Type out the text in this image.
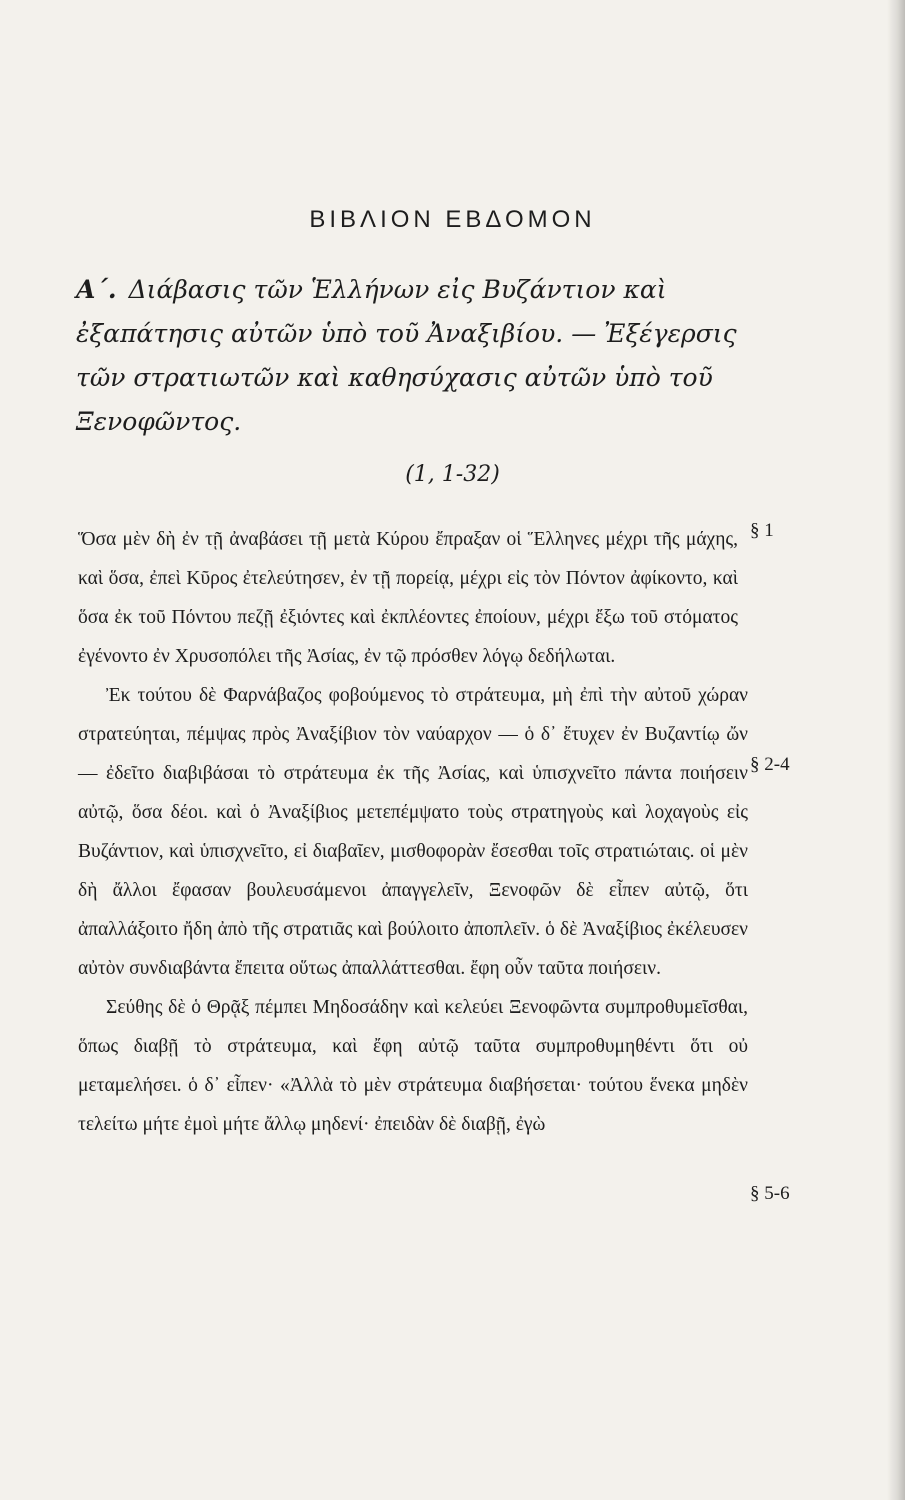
ΒΙΒΛΙΟΝ ΕΒΔΟΜΟΝ
Α΄. Διάβασις τῶν Ἑλλήνων εἰς Βυζάντιον καὶ ἐξαπάτησις αὐτῶν ὑπὸ τοῦ Ἀναξιβίου. — Ἐξέγερσις τῶν στρατιωτῶν καὶ καθησύχασις αὐτῶν ὑπὸ τοῦ Ξενοφῶντος.
(1, 1-32)
§ 1
§ 2-4
§ 5-6

Ὅσα μὲν δὴ ἐν τῇ ἀναβάσει τῇ μετὰ Κύρου ἔπραξαν οἱ Ἕλληνες μέχρι τῆς μάχης, καὶ ὅσα, ἐπεὶ Κῦρος ἐτελεύτησεν, ἐν τῇ πορείᾳ, μέχρι εἰς τὸν Πόντον ἀφίκοντο, καὶ ὅσα ἐκ τοῦ Πόντου πεζῇ ἐξιόντες καὶ ἐκπλέοντες ἐποίουν, μέχρι ἔξω τοῦ στόματος ἐγένοντο ἐν Χρυσοπόλει τῆς Ἀσίας, ἐν τῷ πρόσθεν λόγῳ δεδήλωται.

Ἐκ τούτου δὲ Φαρνάβαζος φοβούμενος τὸ στράτευμα, μὴ ἐπὶ τὴν αὐτοῦ χώραν στρατεύηται, πέμψας πρὸς Ἀναξίβιον τὸν ναύαρχον — ὁ δ᾿ ἔτυχεν ἐν Βυζαντίῳ ὤν — ἐδεῖτο διαβιβάσαι τὸ στράτευμα ἐκ τῆς Ἀσίας, καὶ ὑπισχνεῖτο πάντα ποιήσειν αὐτῷ, ὅσα δέοι. καὶ ὁ Ἀναξίβιος μετεπέμψατο τοὺς στρατηγοὺς καὶ λοχαγοὺς εἰς Βυζάντιον, καὶ ὑπισχνεῖτο, εἰ διαβαῖεν, μισθοφορὰν ἔσεσθαι τοῖς στρατιώταις. οἱ μὲν δὴ ἄλλοι ἔφασαν βουλευσάμενοι ἀπαγγελεῖν, Ξενοφῶν δὲ εἶπεν αὐτῷ, ὅτι ἀπαλλάξοιτο ἤδη ἀπὸ τῆς στρατιᾶς καὶ βούλοιτο ἀποπλεῖν. ὁ δὲ Ἀναξίβιος ἐκέλευσεν αὐτὸν συνδιαβάντα ἔπειτα οὕτως ἀπαλλάττεσθαι. ἔφη οὖν ταῦτα ποιήσειν.

Σεύθης δὲ ὁ Θρᾷξ πέμπει Μηδοσάδην καὶ κελεύει Ξενοφῶντα συμπροθυμεῖσθαι, ὅπως διαβῇ τὸ στράτευμα, καὶ ἔφη αὐτῷ ταῦτα συμπροθυμηθέντι ὅτι οὐ μεταμελήσει. ὁ δ᾿ εἶπεν· «Ἀλλὰ τὸ μὲν στράτευμα διαβήσεται· τούτου ἕνεκα μηδὲν τελείτω μήτε ἐμοὶ μήτε ἄλλῳ μηδενί· ἐπειδὰν δὲ διαβῇ, ἐγὼ
